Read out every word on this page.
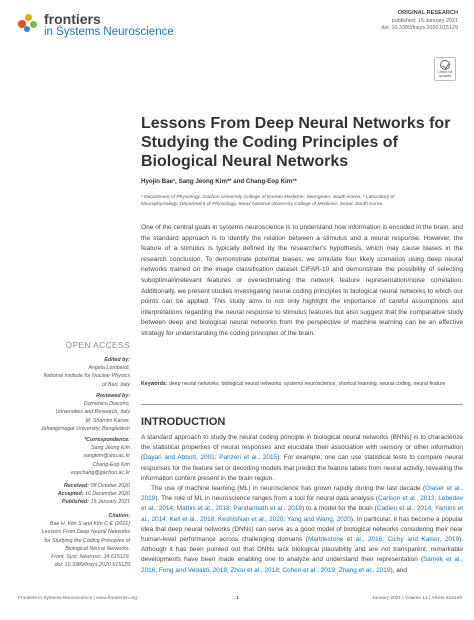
frontiers
in Systems Neuroscience
ORIGINAL RESEARCH
published: 15 January 2021
doi: 10.3389/fnsys.2020.615129
Check for updates
Lessons From Deep Neural Networks for Studying the Coding Principles of Biological Neural Networks
Hyojin Bae¹, Sang Jeong Kim²* and Chang-Eop Kim¹*
¹ Department of Physiology, Gachon University College of Korean Medicine, Seongnam, South Korea, ² Laboratory of
Neurophysiology, Department of Physiology, Seoul National University College of Medicine, Seoul, South Korea
One of the central goals in systems neuroscience is to understand how information is encoded in the brain, and the standard approach is to identify the relation between a stimulus and a neural response. However, the feature of a stimulus is typically defined by the researcher's hypothesis, which may cause biases in the research conclusion. To demonstrate potential biases, we simulate four likely scenarios using deep neural networks trained on the image classification dataset CIFAR-10 and demonstrate the possibility of selecting suboptimal/irrelevant features or overestimating the network feature representation/noise correlation. Additionally, we present studies investigating neural coding principles in biological neural networks to which our points can be applied. This study aims to not only highlight the importance of careful assumptions and interpretations regarding the neural response to stimulus features but also suggest that the comparative study between deep and biological neural networks from the perspective of machine learning can be an effective strategy for understanding the coding principles of the brain.
Keywords: deep neural networks, biological neural networks, systems neuroscience, shortcut learning, neural coding, neural feature
INTRODUCTION

A standard approach to study the neural coding principle in biological neural networks (BNNs) is to characterize the statistical properties of neural responses and elucidate their association with sensory or other information (Dayan and Abbott, 2001; Panzeri et al., 2015). For example, one can use statistical tests to compare neural responses for the feature set or decoding models that predict the feature labels from neural activity, revealing the information content present in the brain region.

The use of machine learning (ML) in neuroscience has grown rapidly during the last decade (Glaser et al., 2019). The role of ML in neuroscience ranges from a tool for neural data analysis (Carlson et al., 2013; Lebedev et al., 2014; Mathis et al., 2018; Pandarinath et al., 2018) to a model for the brain (Cadieu et al., 2014; Yamins et al., 2014; Kell et al., 2018; Keshishian et al., 2020; Yang and Wang, 2020). In particular, it has become a popular idea that deep neural networks (DNNs) can serve as a good model of biological networks considering their near human-level performance across challenging domains (Marblestone et al., 2016; Cichy and Kaiser, 2019). Although it has been pointed out that DNNs lack biological plausibility and are not transparent, remarkable developments have been made enabling one to analyze and understand their representation (Samek et al., 2016; Fong and Vedaldi, 2018; Zhou et al., 2018; Cohen et al., 2019; Zhang et al., 2019), and

OPEN ACCESS
Edited by:
Angela Lombardi,
National Institute for Nuclear Physics
of Bari, Italy
Reviewed by:
Domenico Diacono,
Universities and Research, Italy
M. Shamim Kaiser,
Jahangirnagar University, Bangladesh
*Correspondence:
Sang Jeong Kim
sangkim@snu.ac.kr
Chang-Eop Kim
eopchang@gachon.ac.kr
Received: 08 October 2020
Accepted: 16 December 2020
Published: 15 January 2021
Citation:
Bae H, Kim S and Kim C-E (2021)
Lessons From Deep Neural Networks
for Studying the Coding Principles of
Biological Neural Networks.
Front. Syst. Neurosci. 14:615129.
doi: 10.3389/fnsys.2020.615129
Frontiers in Systems Neuroscience | www.frontiersin.org	1	January 2021 | Volume 14 | Article 615129
